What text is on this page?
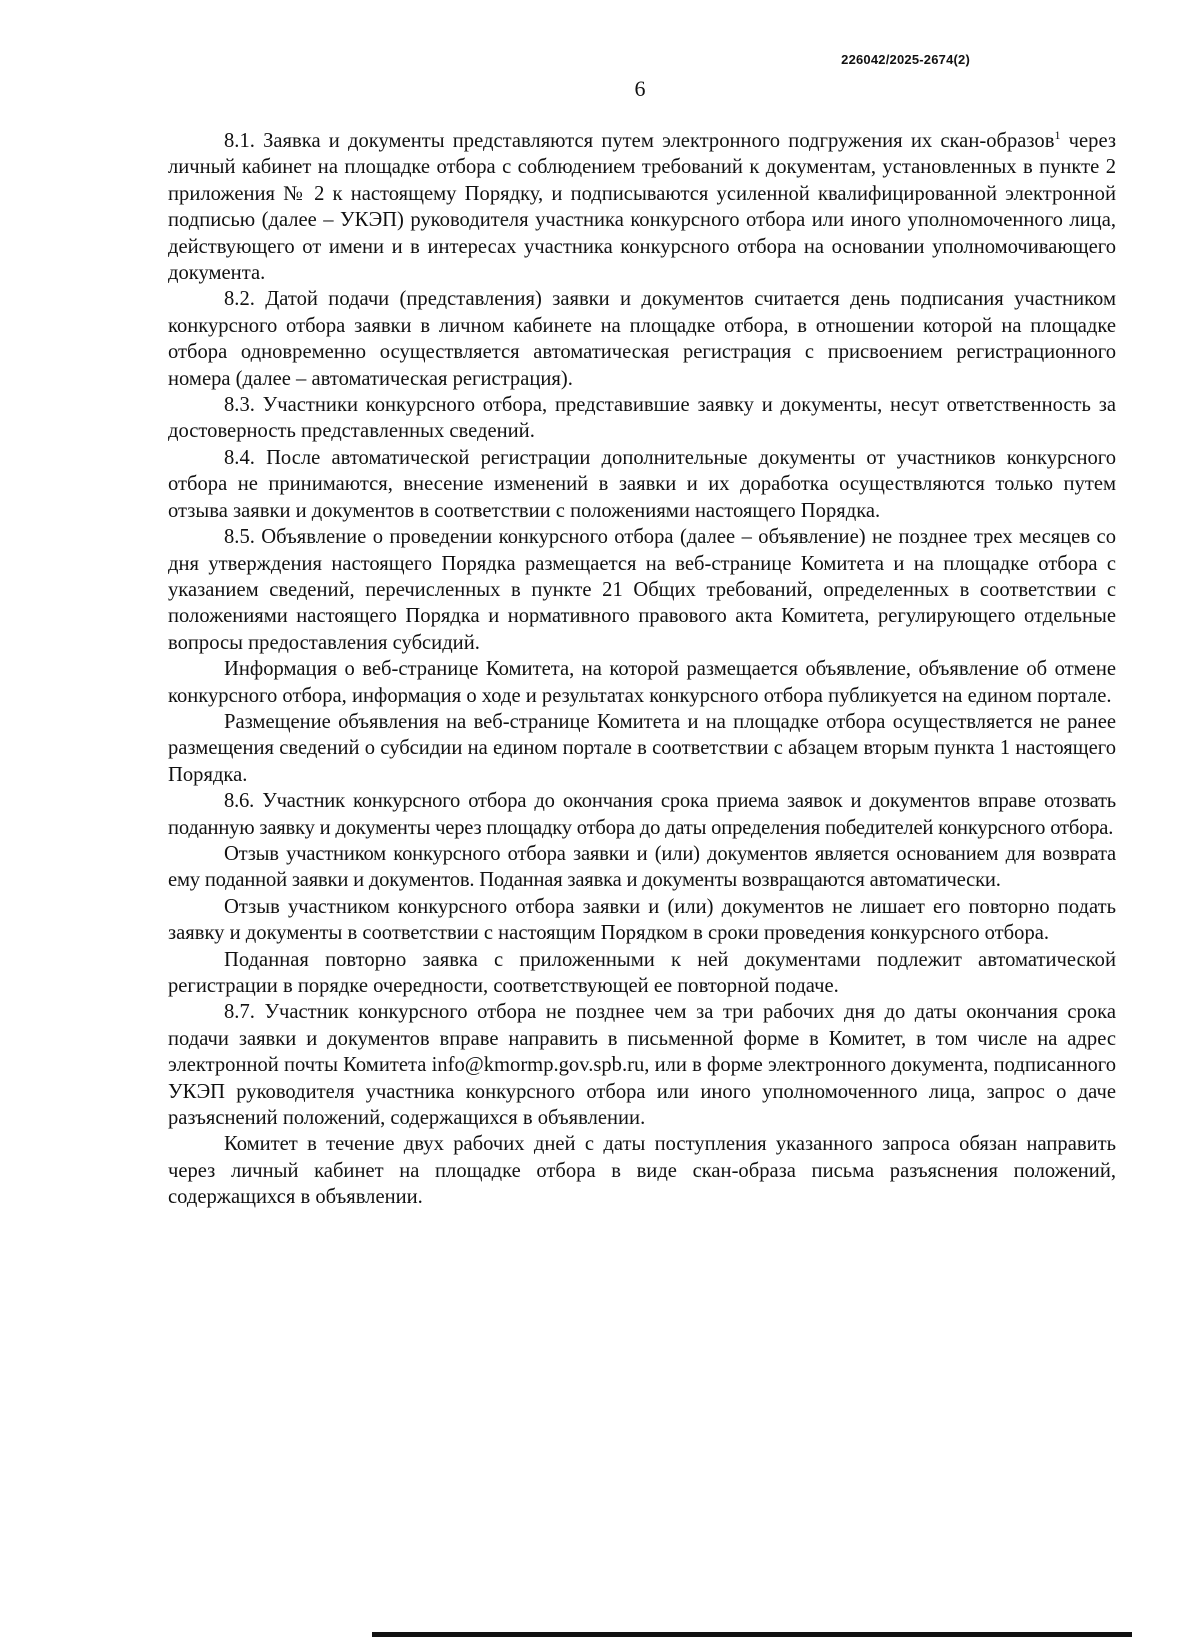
226042/2025-2674(2)
6

8.1. Заявка и документы представляются путем электронного подгружения их скан-образов$^1$ через личный кабинет на площадке отбора с соблюдением требований к документам, установленных в пункте 2 приложения № 2 к настоящему Порядку, и подписываются усиленной квалифицированной электронной подписью (далее – УКЭП) руководителя участника конкурсного отбора или иного уполномоченного лица, действующего от имени и в интересах участника конкурсного отбора на основании уполномочивающего документа.

8.2. Датой подачи (представления) заявки и документов считается день подписания участником конкурсного отбора заявки в личном кабинете на площадке отбора, в отношении которой на площадке отбора одновременно осуществляется автоматическая регистрация с присвоением регистрационного номера (далее – автоматическая регистрация).

8.3. Участники конкурсного отбора, представившие заявку и документы, несут ответственность за достоверность представленных сведений.

8.4. После автоматической регистрации дополнительные документы от участников конкурсного отбора не принимаются, внесение изменений в заявки и их доработка осуществляются только путем отзыва заявки и документов в соответствии с положениями настоящего Порядка.

8.5. Объявление о проведении конкурсного отбора (далее – объявление) не позднее трех месяцев со дня утверждения настоящего Порядка размещается на веб-странице Комитета и на площадке отбора с указанием сведений, перечисленных в пункте 21 Общих требований, определенных в соответствии с положениями настоящего Порядка и нормативного правового акта Комитета, регулирующего отдельные вопросы предоставления субсидий.

Информация о веб-странице Комитета, на которой размещается объявление, объявление об отмене конкурсного отбора, информация о ходе и результатах конкурсного отбора публикуется на едином портале.

Размещение объявления на веб-странице Комитета и на площадке отбора осуществляется не ранее размещения сведений о субсидии на едином портале в соответствии с абзацем вторым пункта 1 настоящего Порядка.

8.6. Участник конкурсного отбора до окончания срока приема заявок и документов вправе отозвать поданную заявку и документы через площадку отбора до даты определения победителей конкурсного отбора.

Отзыв участником конкурсного отбора заявки и (или) документов является основанием для возврата ему поданной заявки и документов. Поданная заявка и документы возвращаются автоматически.

Отзыв участником конкурсного отбора заявки и (или) документов не лишает его повторно подать заявку и документы в соответствии с настоящим Порядком в сроки проведения конкурсного отбора.

Поданная повторно заявка с приложенными к ней документами подлежит автоматической регистрации в порядке очередности, соответствующей ее повторной подаче.

8.7. Участник конкурсного отбора не позднее чем за три рабочих дня до даты окончания срока подачи заявки и документов вправе направить в письменной форме в Комитет, в том числе на адрес электронной почты Комитета info@kmormp.gov.spb.ru, или в форме электронного документа, подписанного УКЭП руководителя участника конкурсного отбора или иного уполномоченного лица, запрос о даче разъяснений положений, содержащихся в объявлении.

Комитет в течение двух рабочих дней с даты поступления указанного запроса обязан направить через личный кабинет на площадке отбора в виде скан-образа письма разъяснения положений, содержащихся в объявлении.
